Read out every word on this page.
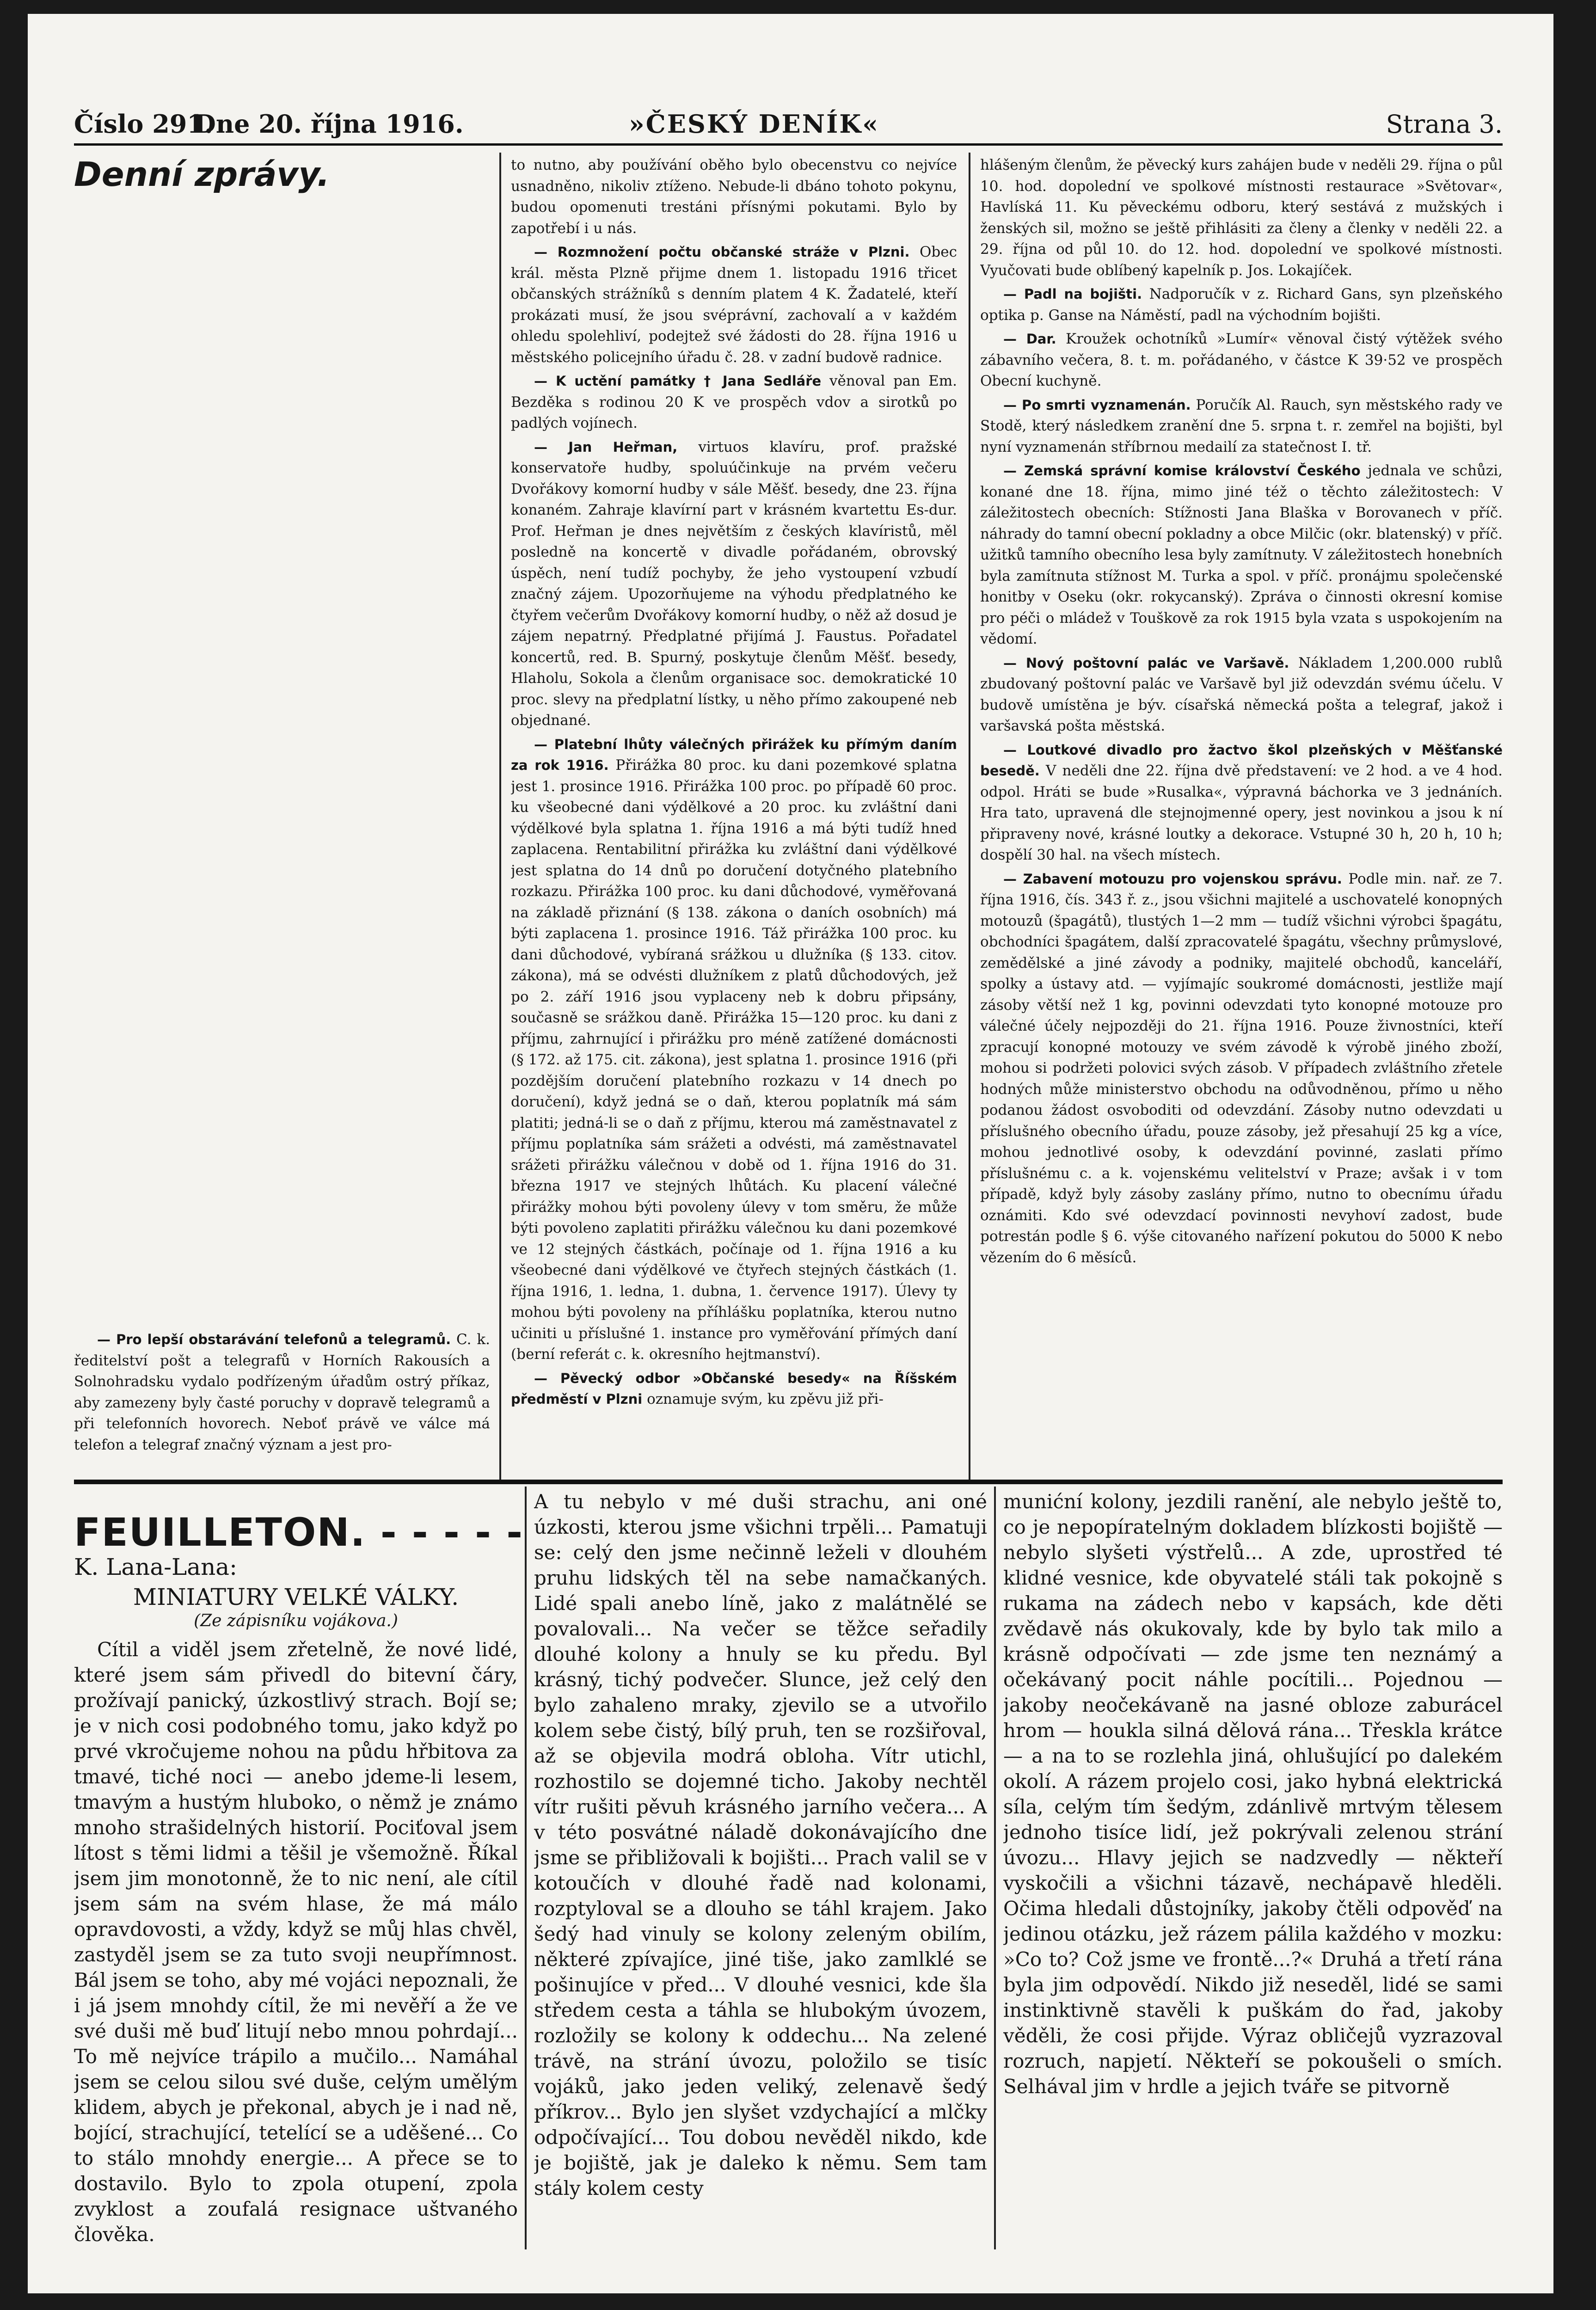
Číslo 291.
Dne 20. října 1916.	»ČESKÝ DENÍK«	Strana 3.
Denní zprávy.

— Pro lepší obstarávání telefonů a telegramů. C. k. ředitelství pošt a telegrafů v Horních Rakousích a Solnohradsku vydalo podřízeným úřadům ostrý příkaz, aby zamezeny byly časté poruchy v dopravě telegramů a při telefonních hovorech. Neboť právě ve válce má telefon a telegraf značný význam a jest pro-

to nutno, aby používání oběho bylo obecenstvu co nejvíce usnadněno, nikoliv ztíženo. Nebude-li dbáno tohoto pokynu, budou opomenuti trestáni přísnými pokutami. Bylo by zapotřebí i u nás.

— Rozmnožení počtu občanské stráže v Plzni. Obec král. města Plzně přijme dnem 1. listopadu 1916 třicet občanských strážníků s denním platem 4 K. Žadatelé, kteří prokázati musí, že jsou svéprávní, zachovalí a v každém ohledu spolehliví, podejtež své žádosti do 28. října 1916 u městského policejního úřadu č. 28. v zadní budově radnice.

— K uctění památky † Jana Sedláře věnoval pan Em. Bezděka s rodinou 20 K ve prospěch vdov a sirotků po padlých vojínech.

— Jan Heřman, virtuos klavíru, prof. pražské konservatoře hudby, spoluúčinkuje na prvém večeru Dvořákovy komorní hudby v sále Měšť. besedy, dne 23. října konaném. Zahraje klavírní part v krásném kvartettu Es-dur. Prof. Heřman je dnes největším z českých klavíristů, měl posledně na koncertě v divadle pořádaném, obrovský úspěch, není tudíž pochyby, že jeho vystoupení vzbudí značný zájem. Upozorňujeme na výhodu předplatného ke čtyřem večerům Dvořákovy komorní hudby, o něž až dosud je zájem nepatrný. Předplatné přijímá J. Faustus. Pořadatel koncertů, red. B. Spurný, poskytuje členům Měšť. besedy, Hlaholu, Sokola a členům organisace soc. demokratické 10 proc. slevy na předplatní lístky, u něho přímo zakoupené neb objednané.

— Platební lhůty válečných přirážek ku přímým daním za rok 1916. Přirážka 80 proc. ku dani pozemkové splatna jest 1. prosince 1916. Přirážka 100 proc. po případě 60 proc. ku všeobecné dani výdělkové a 20 proc. ku zvláštní dani výdělkové byla splatna 1. října 1916 a má býti tudíž hned zaplacena. Rentabilitní přirážka ku zvláštní dani výdělkové jest splatna do 14 dnů po doručení dotyčného platebního rozkazu. Přirážka 100 proc. ku dani důchodové, vyměřovaná na základě přiznání (§ 138. zákona o daních osobních) má býti zaplacena 1. prosince 1916. Táž přirážka 100 proc. ku dani důchodové, vybíraná srážkou u dlužníka (§ 133. citov. zákona), má se odvésti dlužníkem z platů důchodových, jež po 2. září 1916 jsou vyplaceny neb k dobru připsány, současně se srážkou daně. Přirážka 15—120 proc. ku dani z příjmu, zahrnující i přirážku pro méně zatížené domácnosti (§ 172. až 175. cit. zákona), jest splatna 1. prosince 1916 (při pozdějším doručení platebního rozkazu v 14 dnech po doručení), když jedná se o daň, kterou poplatník má sám platiti; jedná-li se o daň z příjmu, kterou má zaměstnavatel z příjmu poplatníka sám srážeti a odvésti, má zaměstnavatel srážeti přirážku válečnou v době od 1. října 1916 do 31. března 1917 ve stejných lhůtách. Ku placení válečné přirážky mohou býti povoleny úlevy v tom směru, že může býti povoleno zaplatiti přirážku válečnou ku dani pozemkové ve 12 stejných částkách, počínaje od 1. října 1916 a ku všeobecné dani výdělkové ve čtyřech stejných částkách (1. října 1916, 1. ledna, 1. dubna, 1. července 1917). Úlevy ty mohou býti povoleny na příhlášku poplatníka, kterou nutno učiniti u příslušné 1. instance pro vyměřování přímých daní (berní referát c. k. okresního hejtmanství).

— Pěvecký odbor »Občanské besedy« na Říšském předměstí v Plzni oznamuje svým, ku zpěvu již při-

hlášeným členům, že pěvecký kurs zahájen bude v neděli 29. října o půl 10. hod. dopolední ve spolkové místnosti restaurace »Světovar«, Havlíská 11. Ku pěveckému odboru, který sestává z mužských i ženských sil, možno se ještě přihlásiti za členy a členky v neděli 22. a 29. října od půl 10. do 12. hod. dopolední ve spolkové místnosti. Vyučovati bude oblíbený kapelník p. Jos. Lokajíček.

— Padl na bojišti. Nadporučík v z. Richard Gans, syn plzeňského optika p. Ganse na Náměstí, padl na východním bojišti.

— Dar. Kroužek ochotníků »Lumír« věnoval čistý výtěžek svého zábavního večera, 8. t. m. pořádaného, v částce K 39·52 ve prospěch Obecní kuchyně.

— Po smrti vyznamenán. Poručík Al. Rauch, syn městského rady ve Stodě, který následkem zranění dne 5. srpna t. r. zemřel na bojišti, byl nyní vyznamenán stříbrnou medailí za statečnost I. tř.

— Zemská správní komise království Českého jednala ve schůzi, konané dne 18. října, mimo jiné též o těchto záležitostech: V záležitostech obecních: Stížnosti Jana Blaška v Borovanech v příč. náhrady do tamní obecní pokladny a obce Milčic (okr. blatenský) v příč. užitků tamního obecního lesa byly zamítnuty. V záležitostech honebních byla zamítnuta stížnost M. Turka a spol. v příč. pronájmu společenské honitby v Oseku (okr. rokycanský). Zpráva o činnosti okresní komise pro péči o mládež v Touškově za rok 1915 byla vzata s uspokojením na vědomí.

— Nový poštovní palác ve Varšavě. Nákladem 1,200.000 rublů zbudovaný poštovní palác ve Varšavě byl již odevzdán svému účelu. V budově umístěna je býv. císařská německá pošta a telegraf, jakož i varšavská pošta městská.

— Loutkové divadlo pro žactvo škol plzeňských v Měšťanské besedě. V neděli dne 22. října dvě představení: ve 2 hod. a ve 4 hod. odpol. Hráti se bude »Rusalka«, výpravná báchorka ve 3 jednáních. Hra tato, upravená dle stejnojmenné opery, jest novinkou a jsou k ní připraveny nové, krásné loutky a dekorace. Vstupné 30 h, 20 h, 10 h; dospělí 30 hal. na všech místech.

— Zabavení motouzu pro vojenskou správu. Podle min. nař. ze 7. října 1916, čís. 343 ř. z., jsou všichni majitelé a uschovatelé konopných motouzů (špagátů), tlustých 1—2 mm — tudíž všichni výrobci špagátu, obchodníci špagátem, další zpracovatelé špagátu, všechny průmyslové, zemědělské a jiné závody a podniky, majitelé obchodů, kanceláří, spolky a ústavy atd. — vyjímajíc soukromé domácnosti, jestliže mají zásoby větší než 1 kg, povinni odevzdati tyto konopné motouze pro válečné účely nejpozději do 21. října 1916. Pouze živnostníci, kteří zpracují konopné motouzy ve svém závodě k výrobě jiného zboží, mohou si podržeti polovici svých zásob. V případech zvláštního zřetele hodných může ministerstvo obchodu na odůvodněnou, přímo u něho podanou žádost osvoboditi od odevzdání. Zásoby nutno odevzdati u příslušného obecního úřadu, pouze zásoby, jež přesahují 25 kg a více, mohou jednotlivé osoby, k odevzdání povinné, zaslati přímo příslušnému c. a k. vojenskému velitelství v Praze; avšak i v tom případě, když byly zásoby zaslány přímo, nutno to obecnímu úřadu oznámiti. Kdo své odevzdací povinnosti nevyhoví zadost, bude potrestán podle § 6. výše citovaného nařízení pokutou do 5000 K nebo vězením do 6 měsíců.

FEUILLETON. - - - - -
K. Lana-Lana:
MINIATURY VELKÉ VÁLKY.
(Ze zápisníku vojákova.)

Cítil a viděl jsem zřetelně, že nové lidé, které jsem sám přivedl do bitevní čáry, prožívají panický, úzkostlivý strach. Bojí se; je v nich cosi podobného tomu, jako když po prvé vkročujeme nohou na půdu hřbitova za tmavé, tiché noci — anebo jdeme-li lesem, tmavým a hustým hluboko, o němž je známo mnoho strašidelných historií. Pociťoval jsem lítost s těmi lidmi a těšil je všemožně. Říkal jsem jim monotonně, že to nic není, ale cítil jsem sám na svém hlase, že má málo opravdovosti, a vždy, když se můj hlas chvěl, zastyděl jsem se za tuto svoji neupřímnost. Bál jsem se toho, aby mé vojáci nepoznali, že i já jsem mnohdy cítil, že mi nevěří a že ve své duši mě buď litují nebo mnou pohrdají... To mě nejvíce trápilo a mučilo... Namáhal jsem se celou silou své duše, celým umělým klidem, abych je překonal, abych je i nad ně, bojící, strachující, tetelící se a uděšené... Co to stálo mnohdy energie... A přece se to dostavilo. Bylo to zpola otupení, zpola zvyklost a zoufalá resignace uštvaného člověka.

A tu nebylo v mé duši strachu, ani oné úzkosti, kterou jsme všichni trpěli... Pamatuji se: celý den jsme nečinně leželi v dlouhém pruhu lidských těl na sebe namačkaných. Lidé spali anebo líně, jako z malátnělé se povalovali... Na večer se těžce seřadily dlouhé kolony a hnuly se ku předu. Byl krásný, tichý podvečer. Slunce, jež celý den bylo zahaleno mraky, zjevilo se a utvořilo kolem sebe čistý, bílý pruh, ten se rozšiřoval, až se objevila modrá obloha. Vítr utichl, rozhostilo se dojemné ticho. Jakoby nechtěl vítr rušiti pěvuh krásného jarního večera... A v této posvátné náladě dokonávajícího dne jsme se přibližovali k bojišti... Prach valil se v kotoučích v dlouhé řadě nad kolonami, rozptyloval se a dlouho se táhl krajem. Jako šedý had vinuly se kolony zeleným obilím, některé zpívajíce, jiné tiše, jako zamlklé se pošinujíce v před... V dlouhé vesnici, kde šla středem cesta a táhla se hlubokým úvozem, rozložily se kolony k oddechu... Na zelené trávě, na strání úvozu, položilo se tisíc vojáků, jako jeden veliký, zelenavě šedý příkrov... Bylo jen slyšet vzdychající a mlčky odpočívající... Tou dobou nevěděl nikdo, kde je bojiště, jak je daleko k němu. Sem tam stály kolem cesty

munićní kolony, jezdili ranění, ale nebylo ještě to, co je nepopíratelným dokladem blízkosti bojiště — nebylo slyšeti výstřelů... A zde, uprostřed té klidné vesnice, kde obyvatelé stáli tak pokojně s rukama na zádech nebo v kapsách, kde děti zvědavě nás okukovaly, kde by bylo tak milo a krásně odpočívati — zde jsme ten neznámý a očekávaný pocit náhle pocítili... Pojednou — jakoby neočekávaně na jasné obloze zaburácel hrom — houkla silná dělová rána... Třeskla krátce — a na to se rozlehla jiná, ohlušující po dalekém okolí. A rázem projelo cosi, jako hybná elektrická síla, celým tím šedým, zdánlivě mrtvým tělesem jednoho tisíce lidí, jež pokrývali zelenou strání úvozu... Hlavy jejich se nadzvedly — někteří vyskočili a všichni tázavě, nechápavě hleděli. Očima hledali důstojníky, jakoby čtěli odpověď na jedinou otázku, jež rázem pálila každého v mozku: »Co to? Což jsme ve frontě...?« Druhá a třetí rána byla jim odpovědí. Nikdo již neseděl, lidé se sami instinktivně stavěli k puškám do řad, jakoby věděli, že cosi přijde. Výraz obličejů vyzrazoval rozruch, napjetí. Někteří se pokoušeli o smích. Selhával jim v hrdle a jejich tváře se pitvorně
